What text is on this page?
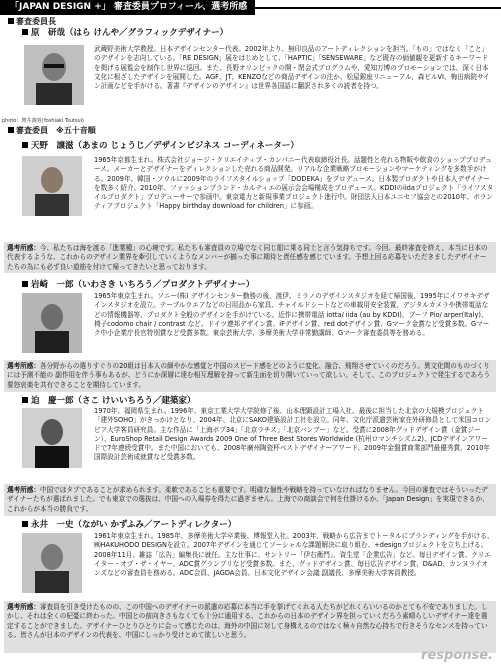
「JAPAN DESIGN +」 審査委員プロフィール、選考所感
審査委員長
原　研哉（はら けんや／グラフィックデザイナー）
photo：舞井義明(Yoshiaki Tsutsui)
武蔵野美術大学教授。日本デザインセンター代表。2002年より、無印良品のアートディレクションを担当。「もの」ではなく「こと」のデザインを志向している。「RE DESIGN」展をはじめとして、「HAPTIC」「SENSEWARE」など既存の価値観を更新するキーワードを掲げる展覧会を制作し世界に巡回。また、長野オリンピックの開・閉会式プログラムや、愛知万博のプロモーションでは、深く日本文化に根ざしたデザインを展開した。AGF、JT、KENZOなどの商品デザインの注か、松屋銀座リニューアル、森ビルVI、梅田病院サイン計画などを手がける。著書『デザインのデザイン』は世界各国語に翻訳され多くの読者を持つ。
審査委員　※五十音順
天野　譲滋（あまの じょうじ／デザインビジネス コーディネーター）
1965年京都生まれ。株式会社ジョージ・クリエイティブ・カンパニー代表取締役社長。話題性と売れる物販や飲食のショッププロデュース。メーカーとデザイナーをディレクションした売れる商品開発。リアルな企業戦略プロモーションやマーケティングを多数手がける。2009年、韓国・ソウルに2009年のライフスタイルショップ「DODEKA」をプロデュース。日本製プロダクトや日本人デザイナーを数多く紹介。2010年、ファッションブランド・カルティエの展示会会場構成をプロデュース。KDDIのiidaプロジェクト「ライフスタイルプロダクト」プロデューサーで参画中。東京電力と新規事業プロジェクト進行中。財団法人日本ユニセフ協会との2010年、ボランティアプロジェクト「Happy birthday download for children」に参画。
選考所感：今、私たちは海を渡る「進業種」の心境です。私たちも審査員の立場でなく同じ船に乗る同士と言う気持ちです。今回、最終審査を終え、本当に日本の代表するような、これからのデザイン業界を牽引していくようなメンバーが揃った事に期待と責任感を感じています。予想上回る応募をいただきましたデザイナーたちの為にも必ず良い道筋を付けて帰ってきたいと思っております。
岩崎　一郎（いわさき いちろう／プロダクトデザイナー）
1965年東京生まれ。ソニー(株) デザインセンター勤務の後、渡伊。ミラノのデザインスタジオを経て帰国後、1995年にイワサキデザインスタジオを設立。テーブルウエアなどの日用品から家具、チャイルドシートなどの車載用安全装置、デジタルカメラや携帯電話などの情報機器等、プロダクト全般のデザインを手がけている。近作に携帯電話 iotta/ iida (au by KDDI)、ブーフ Pio/ arper(Italy)、椅子codomo chair / contrast など。ドイツ連邦デザイン賞、iFデザイン賞、red dotデザイン賞、Gマーク金賞など受賞多数。Gマーク中小企業庁長官特別賞など受賞多数。東京芸術大学、多摩美術大学非常勤講師、Gマーク審査委員等を務める。
選考所感：各分野からの選りすぐりの20組は日本人の細やかな感覚と中国のスピード感をどのように変化、融合、飛翔させていくのだろう。異文化間のものづくりには予測不能の 副作用を伴う事もあるが、どうにか深層に達む相互理解を持って新生面を切り開いていって欲しい。そして、このプロジェクトで発生するであろう要怒哀楽を共有できることを期待しています。
迫　慶一郎（さこ けいいちろう／建築家）
1970年、福岡県生まれ。1996年、東京工業大学大学院修了後、山本理顕設計工場入社。最後に担当した北京の大規模プロジェクト「建外SOHO」がきっかけとなり、2004年、北京にSAKO建築設計工社を設立。同年、文化庁派遣芸術家在外研修員として米国コロンビア大学客員研究員。主な作品に「上海ボプ34」「北京ラチス」「北京バンブー」など。受賞に2008年グッドデザイン賞（金賞ジーン）、EuroShop Retail Design Awards 2009 One of Three Best Stores Worldwide (杭州ロマンチシズム2)、JCDデザインアワードで7年連続受賞中。また中国においても、2008年廣州陶瓷杯ベストデザイナーアワード、2009年金盤賞商業部門最優秀賞、2010年国際設計芸術成就賞など受賞多数。
選考所感：中国でほタブであることが求められます。柔軟であることも重要です。明確な個性や戦略を持っていなければなりません。今回の審査ではそういったデザイナーたちが選ばれました。でも東京での選抜は、中国への入場券を得たに過ぎません。上海での商談会で何を仕掛けるか、「Japan Design」を実現できるか、これからが本当の勝負です。
永井　一史（ながい かずふみ／アートディレクター）
1961年東京生まれ。1985年、多摩美術大学卒業後、博報堂入社。2003年、戦略から広告までトータルにブランディングを手がける、㈱HAKUHODO DESIGNを設立。2007年デザインを通じてソーシャルな課題解決に取り組む、+designプロジェクトを立ち上げる。2008年11月、雑誌「広告」編集長に就任。主な仕事に、サントリー「伊右衛門」、資生堂「企業広告」など。毎日デザイン賞、クリエイター・オブ・ザ・イヤー、ADC賞グランプリなど受賞多数。また、グッドデザイン賞、毎日広告デザイン賞、D&AD、カンヌライオンズなどの審査員を務める。ADC会員、JAGDA会員、日本文化デザイン会議 副議長、多摩美術大学客員教授。
選考所感：審査員を引き受けたものの、この中国へのデザイナーの派遣の応募に本当に手を挙げてくれる人たちがどれくらいいるのかとても不安でありました。しかし、それは全くの杞憂に終わった。中国との前向きさもなくても十分に通用する、これからの日本のデザイン界を担っていくだろう素晴らしいデザイナー達を選定することができました。デザイナーひとりひとりに会って感じたのは、海外の中国に対して身構えるのではなく極々自然な心持ちで行きそうなセンスを持っている。皆さんが日本のデザインの代表を、中国にしっかり受けとめて欲しいと思う。
response.
